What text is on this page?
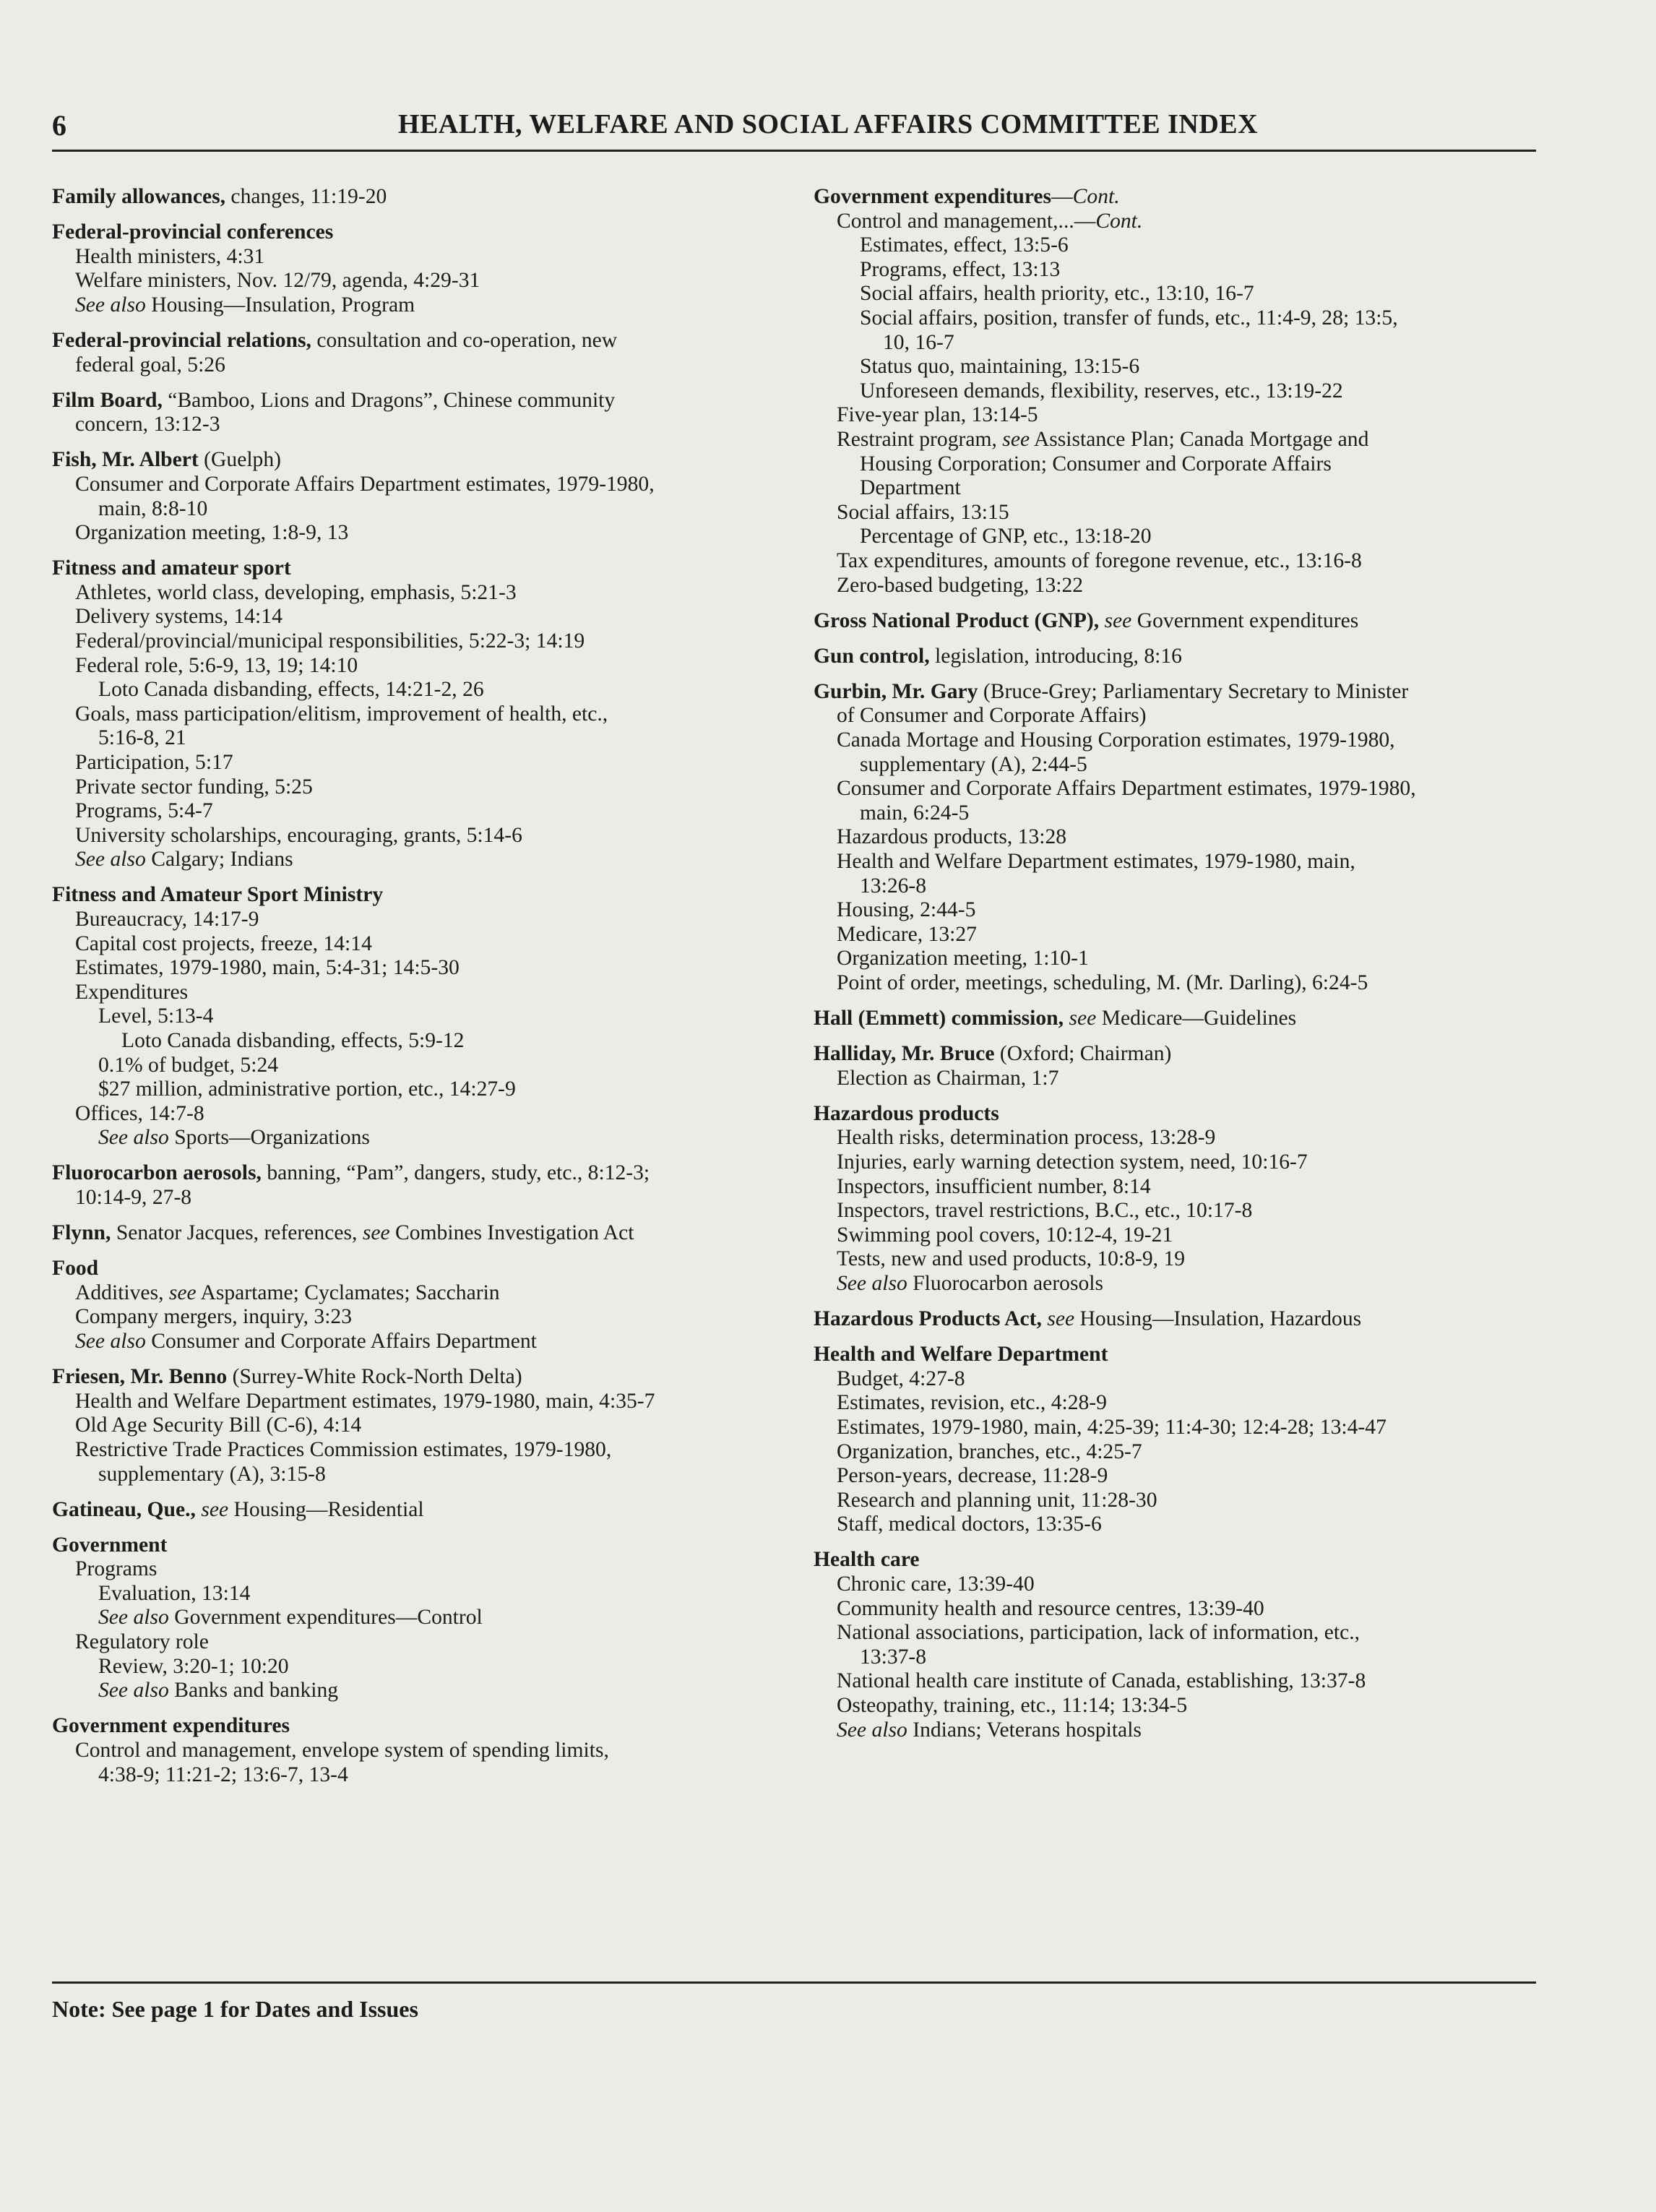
6	HEALTH, WELFARE AND SOCIAL AFFAIRS COMMITTEE INDEX
Family allowances, changes, 11:19-20
Federal-provincial conferences
Health ministers, 4:31
Welfare ministers, Nov. 12/79, agenda, 4:29-31
See also Housing—Insulation, Program
Federal-provincial relations, consultation and co-operation, new
federal goal, 5:26
Film Board, “Bamboo, Lions and Dragons”, Chinese community
concern, 13:12-3
Fish, Mr. Albert (Guelph)
Consumer and Corporate Affairs Department estimates, 1979-1980,
main, 8:8-10
Organization meeting, 1:8-9, 13
Fitness and amateur sport
Athletes, world class, developing, emphasis, 5:21-3
Delivery systems, 14:14
Federal/provincial/municipal responsibilities, 5:22-3; 14:19
Federal role, 5:6-9, 13, 19; 14:10
Loto Canada disbanding, effects, 14:21-2, 26
Goals, mass participation/elitism, improvement of health, etc.,
5:16-8, 21
Participation, 5:17
Private sector funding, 5:25
Programs, 5:4-7
University scholarships, encouraging, grants, 5:14-6
See also Calgary; Indians
Fitness and Amateur Sport Ministry
Bureaucracy, 14:17-9
Capital cost projects, freeze, 14:14
Estimates, 1979-1980, main, 5:4-31; 14:5-30
Expenditures
Level, 5:13-4
Loto Canada disbanding, effects, 5:9-12
0.1% of budget, 5:24
$27 million, administrative portion, etc., 14:27-9
Offices, 14:7-8
See also Sports—Organizations
Fluorocarbon aerosols, banning, “Pam”, dangers, study, etc., 8:12-3;
10:14-9, 27-8
Flynn, Senator Jacques, references, see Combines Investigation Act
Food
Additives, see Aspartame; Cyclamates; Saccharin
Company mergers, inquiry, 3:23
See also Consumer and Corporate Affairs Department
Friesen, Mr. Benno (Surrey-White Rock-North Delta)
Health and Welfare Department estimates, 1979-1980, main, 4:35-7
Old Age Security Bill (C-6), 4:14
Restrictive Trade Practices Commission estimates, 1979-1980,
supplementary (A), 3:15-8
Gatineau, Que., see Housing—Residential
Government
Programs
Evaluation, 13:14
See also Government expenditures—Control
Regulatory role
Review, 3:20-1; 10:20
See also Banks and banking
Government expenditures
Control and management, envelope system of spending limits,
4:38-9; 11:21-2; 13:6-7, 13-4
Government expenditures—Cont.
Control and management,...—Cont.
Estimates, effect, 13:5-6
Programs, effect, 13:13
Social affairs, health priority, etc., 13:10, 16-7
Social affairs, position, transfer of funds, etc., 11:4-9, 28; 13:5,
10, 16-7
Status quo, maintaining, 13:15-6
Unforeseen demands, flexibility, reserves, etc., 13:19-22
Five-year plan, 13:14-5
Restraint program, see Assistance Plan; Canada Mortgage and
Housing Corporation; Consumer and Corporate Affairs
Department
Social affairs, 13:15
Percentage of GNP, etc., 13:18-20
Tax expenditures, amounts of foregone revenue, etc., 13:16-8
Zero-based budgeting, 13:22
Gross National Product (GNP), see Government expenditures
Gun control, legislation, introducing, 8:16
Gurbin, Mr. Gary (Bruce-Grey; Parliamentary Secretary to Minister
of Consumer and Corporate Affairs)
Canada Mortage and Housing Corporation estimates, 1979-1980,
supplementary (A), 2:44-5
Consumer and Corporate Affairs Department estimates, 1979-1980,
main, 6:24-5
Hazardous products, 13:28
Health and Welfare Department estimates, 1979-1980, main,
13:26-8
Housing, 2:44-5
Medicare, 13:27
Organization meeting, 1:10-1
Point of order, meetings, scheduling, M. (Mr. Darling), 6:24-5
Hall (Emmett) commission, see Medicare—Guidelines
Halliday, Mr. Bruce (Oxford; Chairman)
Election as Chairman, 1:7
Hazardous products
Health risks, determination process, 13:28-9
Injuries, early warning detection system, need, 10:16-7
Inspectors, insufficient number, 8:14
Inspectors, travel restrictions, B.C., etc., 10:17-8
Swimming pool covers, 10:12-4, 19-21
Tests, new and used products, 10:8-9, 19
See also Fluorocarbon aerosols
Hazardous Products Act, see Housing—Insulation, Hazardous
Health and Welfare Department
Budget, 4:27-8
Estimates, revision, etc., 4:28-9
Estimates, 1979-1980, main, 4:25-39; 11:4-30; 12:4-28; 13:4-47
Organization, branches, etc., 4:25-7
Person-years, decrease, 11:28-9
Research and planning unit, 11:28-30
Staff, medical doctors, 13:35-6
Health care
Chronic care, 13:39-40
Community health and resource centres, 13:39-40
National associations, participation, lack of information, etc.,
13:37-8
National health care institute of Canada, establishing, 13:37-8
Osteopathy, training, etc., 11:14; 13:34-5
See also Indians; Veterans hospitals
Note: See page 1 for Dates and Issues
